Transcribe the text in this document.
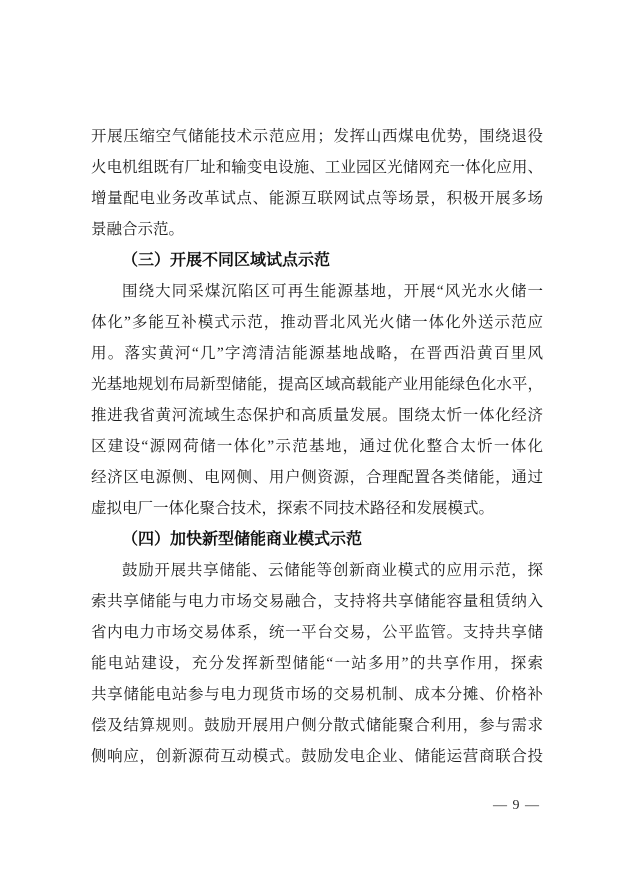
开展压缩空气储能技术示范应用；发挥山西煤电优势，围绕退役

火电机组既有厂址和输变电设施、工业园区光储网充一体化应用、

增量配电业务改革试点、能源互联网试点等场景，积极开展多场

景融合示范。

（三）开展不同区域试点示范

围绕大同采煤沉陷区可再生能源基地，开展“风光水火储一

体化”多能互补模式示范，推动晋北风光火储一体化外送示范应

用。落实黄河“几”字湾清洁能源基地战略，在晋西沿黄百里风

光基地规划布局新型储能，提高区域高载能产业用能绿色化水平，

推进我省黄河流域生态保护和高质量发展。围绕太忻一体化经济

区建设“源网荷储一体化”示范基地，通过优化整合太忻一体化

经济区电源侧、电网侧、用户侧资源，合理配置各类储能，通过

虚拟电厂一体化聚合技术，探索不同技术路径和发展模式。

（四）加快新型储能商业模式示范

鼓励开展共享储能、云储能等创新商业模式的应用示范，探

索共享储能与电力市场交易融合，支持将共享储能容量租赁纳入

省内电力市场交易体系，统一平台交易，公平监管。支持共享储

能电站建设，充分发挥新型储能“一站多用”的共享作用，探索

共享储能电站参与电力现货市场的交易机制、成本分摊、价格补

偿及结算规则。鼓励开展用户侧分散式储能聚合利用，参与需求

侧响应，创新源荷互动模式。鼓励发电企业、储能运营商联合投

— 9 —
